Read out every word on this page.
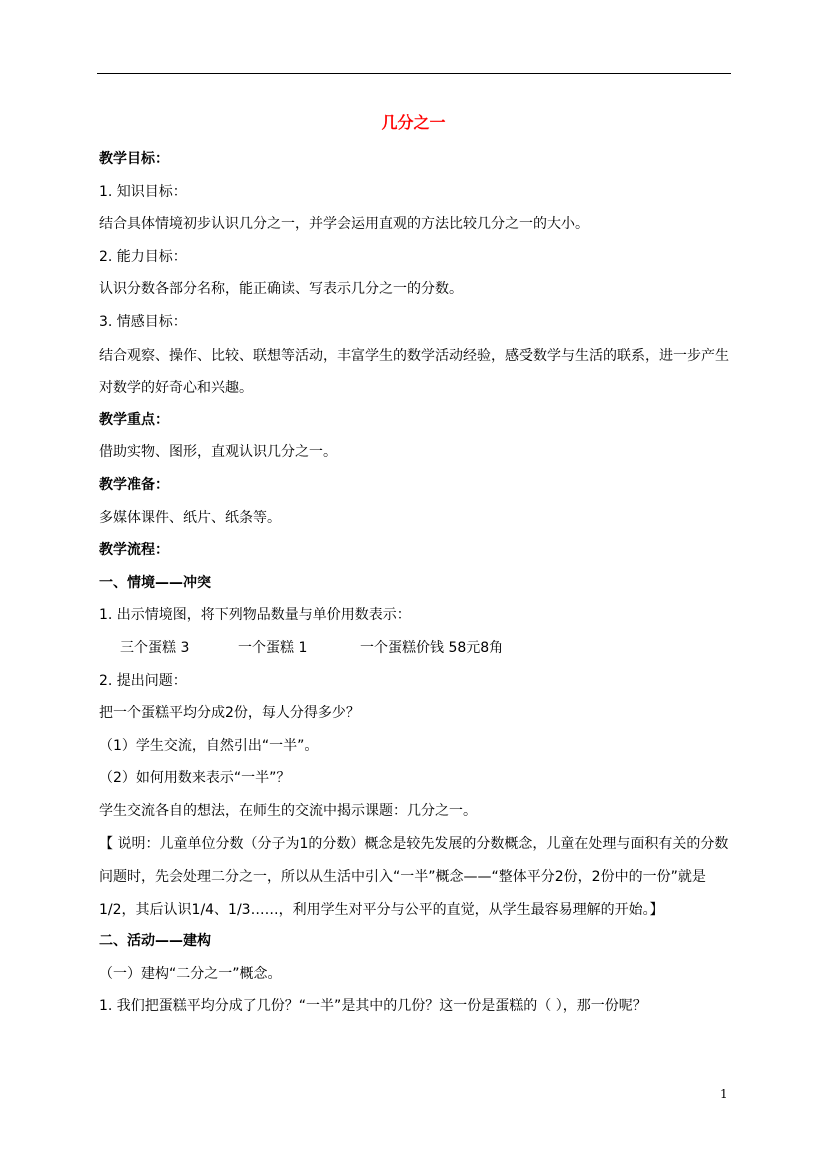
几分之一
教学目标：
1. 知识目标：
结合具体情境初步认识几分之一，并学会运用直观的方法比较几分之一的大小。
2. 能力目标：
认识分数各部分名称，能正确读、写表示几分之一的分数。
3. 情感目标：
结合观察、操作、比较、联想等活动，丰富学生的数学活动经验，感受数学与生活的联系，进一步产生对数学的好奇心和兴趣。
教学重点：
借助实物、图形，直观认识几分之一。
教学准备：
多媒体课件、纸片、纸条等。
教学流程：
一、情境——冲突
1. 出示情境图，将下列物品数量与单价用数表示：
三个蛋糕 3	一个蛋糕 1	一个蛋糕价钱 58元8角
2. 提出问题：
把一个蛋糕平均分成2份，每人分得多少？
（1）学生交流，自然引出“一半”。
（2）如何用数来表示“一半”？
学生交流各自的想法，在师生的交流中揭示课题：几分之一。
【 说明：儿童单位分数（分子为1的分数）概念是较先发展的分数概念，儿童在处理与面积有关的分数问题时，先会处理二分之一，所以从生活中引入“一半”概念——“整体平分2份，2份中的一份”就是1/2，其后认识1/4、1/3……，利用学生对平分与公平的直觉，从学生最容易理解的开始。】
二、活动——建构
（一）建构“二分之一”概念。
1. 我们把蛋糕平均分成了几份？“一半”是其中的几份？这一份是蛋糕的（ ），那一份呢？
1
